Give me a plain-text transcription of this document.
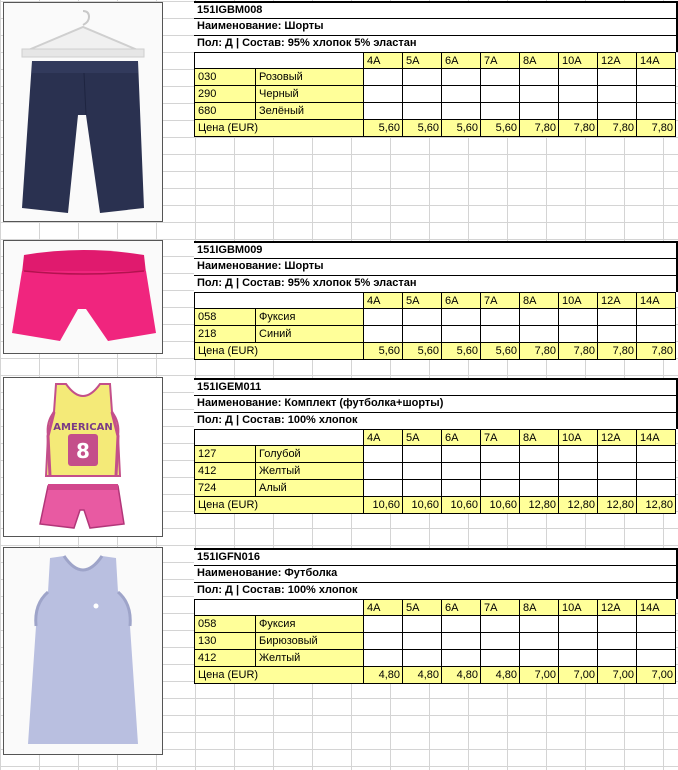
151IGBM008
Наименование: Шорты
Пол: Д | Состав: 95% хлопок 5% эластан
4A	5A	6A	7A	8A	10A	12A	14A
030	Розовый
290	Черный
680	Зелёный
Цена (EUR)	5,60	5,60	5,60	5,60	7,80	7,80	7,80	7,80
151IGBM009
Наименование: Шорты
Пол: Д | Состав: 95% хлопок 5% эластан
4A	5A	6A	7A	8A	10A	12A	14A
058	Фуксия
218	Синий
Цена (EUR)	5,60	5,60	5,60	5,60	7,80	7,80	7,80	7,80
AMERICAN
8
151IGEM011
Наименование: Комплект (футболка+шорты)
Пол: Д | Состав: 100% хлопок
4A	5A	6A	7A	8A	10A	12A	14A
127	Голубой
412	Желтый
724	Алый
Цена (EUR)	10,60	10,60	10,60	10,60	12,80	12,80	12,80	12,80
151IGFN016
Наименование: Футболка
Пол: Д | Состав: 100% хлопок
4A	5A	6A	7A	8A	10A	12A	14A
058	Фуксия
130	Бирюзовый
412	Желтый
Цена (EUR)	4,80	4,80	4,80	4,80	7,00	7,00	7,00	7,00
